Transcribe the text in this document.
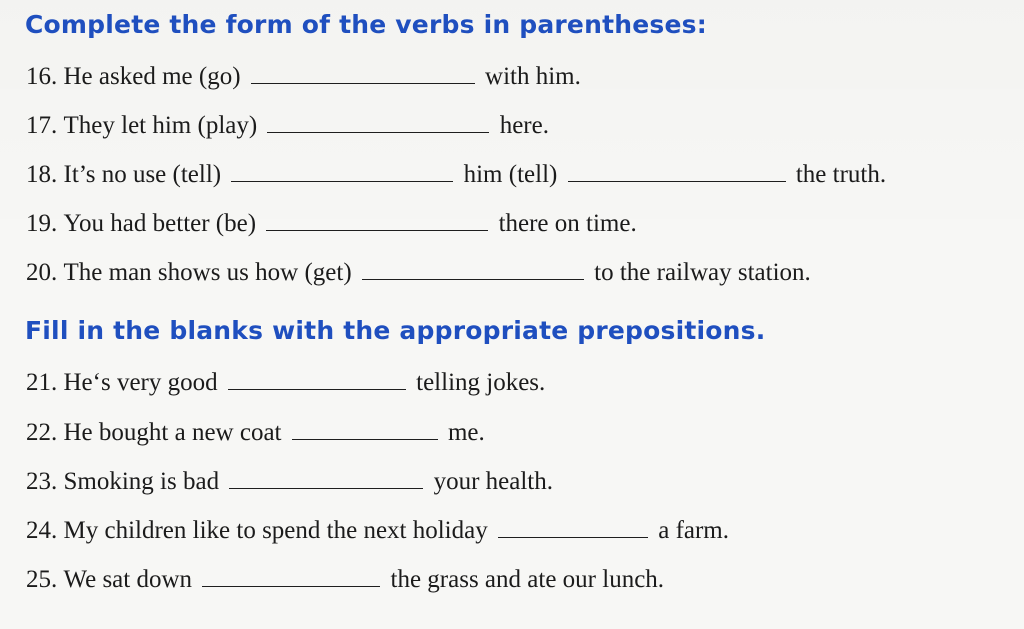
Complete the form of the verbs in parentheses:
16. He asked me (go)	with him.
17. They let him (play)	here.
18. It’s no use (tell)	him (tell)	the truth.
19. You had better (be)	there on time.
20. The man shows us how (get)	to the railway station.
Fill in the blanks with the appropriate prepositions.
21. He‘s very good	telling jokes.
22. He bought a new coat	me.
23. Smoking is bad	your health.
24. My children like to spend the next holiday	a farm.
25. We sat down	the grass and ate our lunch.
